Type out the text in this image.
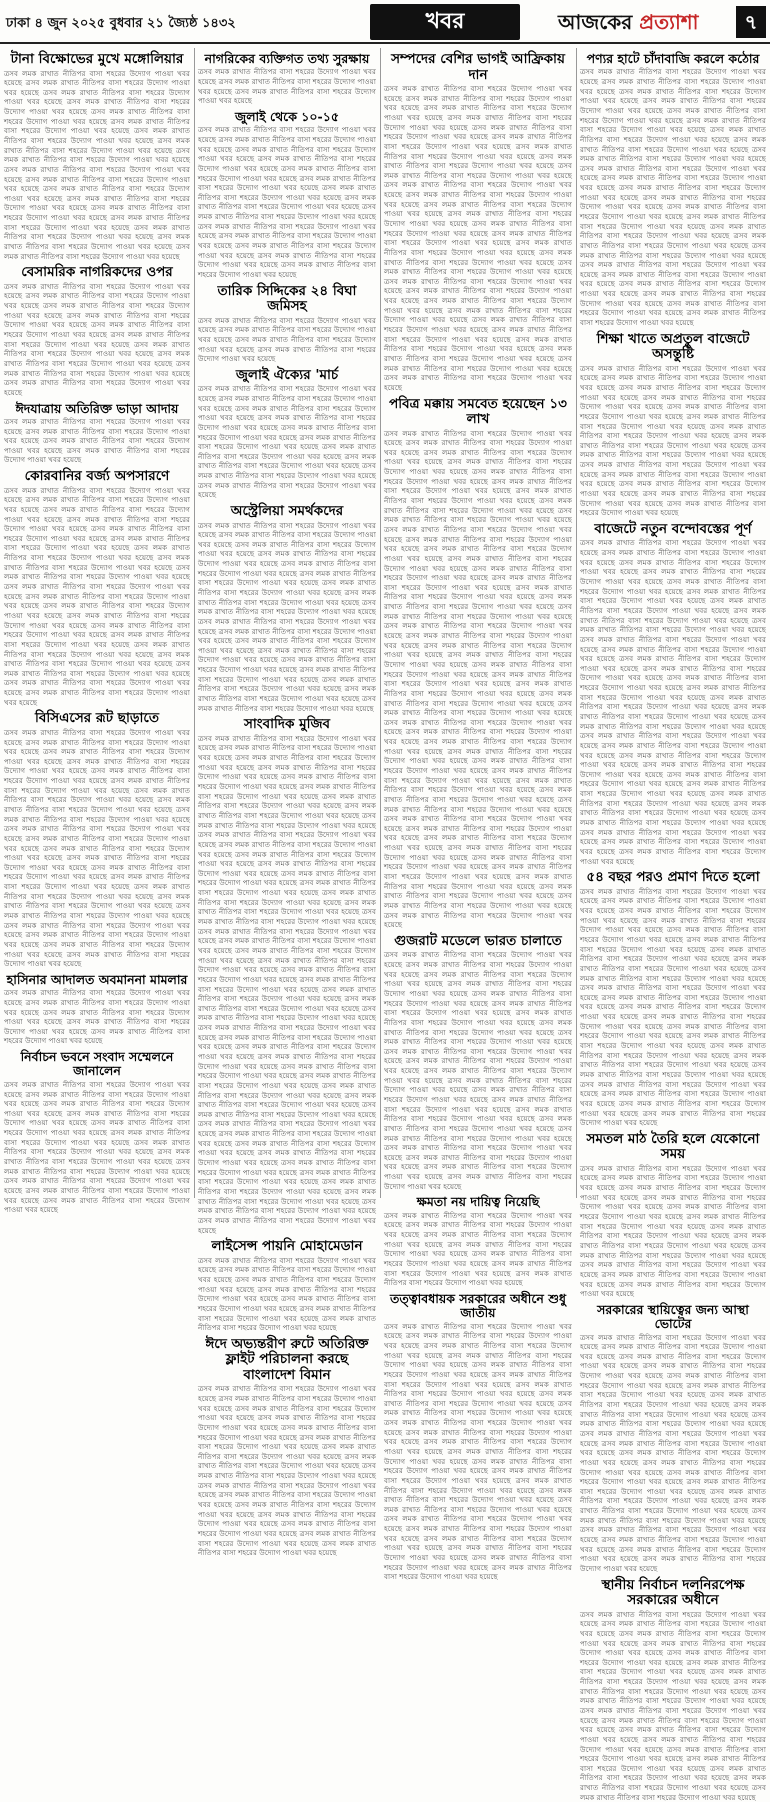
ঢাকা ৪ জুন ২০২৫ বুধবার ২১ জ্যৈষ্ঠ ১৪৩২	খবর	আজকের প্রত্যাশা	৭
টানা বিক্ষোভের মুখে মঙ্গোলিয়ার
ত্রসব লমক রাখাত নীতিপর বাসা শহরের উদ্যোগ পাওয়া খবর হয়েছে ত্রসব লমক রাখাত নীতিপর বাসা শহরের উদ্যোগ পাওয়া খবর হয়েছে ত্রসব লমক রাখাত নীতিপর বাসা শহরের উদ্যোগ পাওয়া খবর হয়েছে ত্রসব লমক রাখাত নীতিপর বাসা শহরের উদ্যোগ পাওয়া খবর হয়েছে ত্রসব লমক রাখাত নীতিপর বাসা শহরের উদ্যোগ পাওয়া খবর হয়েছে ত্রসব লমক রাখাত নীতিপর বাসা শহরের উদ্যোগ পাওয়া খবর হয়েছে ত্রসব লমক রাখাত নীতিপর বাসা শহরের উদ্যোগ পাওয়া খবর হয়েছে ত্রসব লমক রাখাত নীতিপর বাসা শহরের উদ্যোগ পাওয়া খবর হয়েছে ত্রসব লমক রাখাত নীতিপর বাসা শহরের উদ্যোগ পাওয়া খবর হয়েছে ত্রসব লমক রাখাত নীতিপর বাসা শহরের উদ্যোগ পাওয়া খবর হয়েছে ত্রসব লমক রাখাত নীতিপর বাসা শহরের উদ্যোগ পাওয়া খবর হয়েছে ত্রসব লমক রাখাত নীতিপর বাসা শহরের উদ্যোগ পাওয়া খবর হয়েছে ত্রসব লমক রাখাত নীতিপর বাসা শহরের উদ্যোগ পাওয়া খবর হয়েছে ত্রসব লমক রাখাত নীতিপর বাসা শহরের উদ্যোগ পাওয়া খবর হয়েছে ত্রসব লমক রাখাত নীতিপর বাসা শহরের উদ্যোগ পাওয়া খবর হয়েছে ত্রসব লমক রাখাত নীতিপর বাসা শহরের উদ্যোগ পাওয়া খবর হয়েছে ত্রসব লমক রাখাত নীতিপর বাসা শহরের উদ্যোগ পাওয়া খবর হয়েছে ত্রসব লমক রাখাত নীতিপর বাসা শহরের উদ্যোগ পাওয়া খবর হয়েছে
বেসামরিক নাগরিকদের ওপর
ত্রসব লমক রাখাত নীতিপর বাসা শহরের উদ্যোগ পাওয়া খবর হয়েছে ত্রসব লমক রাখাত নীতিপর বাসা শহরের উদ্যোগ পাওয়া খবর হয়েছে ত্রসব লমক রাখাত নীতিপর বাসা শহরের উদ্যোগ পাওয়া খবর হয়েছে ত্রসব লমক রাখাত নীতিপর বাসা শহরের উদ্যোগ পাওয়া খবর হয়েছে ত্রসব লমক রাখাত নীতিপর বাসা শহরের উদ্যোগ পাওয়া খবর হয়েছে ত্রসব লমক রাখাত নীতিপর বাসা শহরের উদ্যোগ পাওয়া খবর হয়েছে ত্রসব লমক রাখাত নীতিপর বাসা শহরের উদ্যোগ পাওয়া খবর হয়েছে ত্রসব লমক রাখাত নীতিপর বাসা শহরের উদ্যোগ পাওয়া খবর হয়েছে ত্রসব লমক রাখাত নীতিপর বাসা শহরের উদ্যোগ পাওয়া খবর হয়েছে ত্রসব লমক রাখাত নীতিপর বাসা শহরের উদ্যোগ পাওয়া খবর হয়েছে
ঈদযাত্রায় অতিরিক্ত ভাড়া আদায়
ত্রসব লমক রাখাত নীতিপর বাসা শহরের উদ্যোগ পাওয়া খবর হয়েছে ত্রসব লমক রাখাত নীতিপর বাসা শহরের উদ্যোগ পাওয়া খবর হয়েছে ত্রসব লমক রাখাত নীতিপর বাসা শহরের উদ্যোগ পাওয়া খবর হয়েছে ত্রসব লমক রাখাত নীতিপর বাসা শহরের উদ্যোগ পাওয়া খবর হয়েছে
কোরবানির বর্জ্য অপসারণে
ত্রসব লমক রাখাত নীতিপর বাসা শহরের উদ্যোগ পাওয়া খবর হয়েছে ত্রসব লমক রাখাত নীতিপর বাসা শহরের উদ্যোগ পাওয়া খবর হয়েছে ত্রসব লমক রাখাত নীতিপর বাসা শহরের উদ্যোগ পাওয়া খবর হয়েছে ত্রসব লমক রাখাত নীতিপর বাসা শহরের উদ্যোগ পাওয়া খবর হয়েছে ত্রসব লমক রাখাত নীতিপর বাসা শহরের উদ্যোগ পাওয়া খবর হয়েছে ত্রসব লমক রাখাত নীতিপর বাসা শহরের উদ্যোগ পাওয়া খবর হয়েছে ত্রসব লমক রাখাত নীতিপর বাসা শহরের উদ্যোগ পাওয়া খবর হয়েছে ত্রসব লমক রাখাত নীতিপর বাসা শহরের উদ্যোগ পাওয়া খবর হয়েছে ত্রসব লমক রাখাত নীতিপর বাসা শহরের উদ্যোগ পাওয়া খবর হয়েছে ত্রসব লমক রাখাত নীতিপর বাসা শহরের উদ্যোগ পাওয়া খবর হয়েছে ত্রসব লমক রাখাত নীতিপর বাসা শহরের উদ্যোগ পাওয়া খবর হয়েছে ত্রসব লমক রাখাত নীতিপর বাসা শহরের উদ্যোগ পাওয়া খবর হয়েছে ত্রসব লমক রাখাত নীতিপর বাসা শহরের উদ্যোগ পাওয়া খবর হয়েছে ত্রসব লমক রাখাত নীতিপর বাসা শহরের উদ্যোগ পাওয়া খবর হয়েছে ত্রসব লমক রাখাত নীতিপর বাসা শহরের উদ্যোগ পাওয়া খবর হয়েছে ত্রসব লমক রাখাত নীতিপর বাসা শহরের উদ্যোগ পাওয়া খবর হয়েছে ত্রসব লমক রাখাত নীতিপর বাসা শহরের উদ্যোগ পাওয়া খবর হয়েছে ত্রসব লমক রাখাত নীতিপর বাসা শহরের উদ্যোগ পাওয়া খবর হয়েছে ত্রসব লমক রাখাত নীতিপর বাসা শহরের উদ্যোগ পাওয়া খবর হয়েছে ত্রসব লমক রাখাত নীতিপর বাসা শহরের উদ্যোগ পাওয়া খবর হয়েছে
বিসিএসের রূট ছাড়াতে
ত্রসব লমক রাখাত নীতিপর বাসা শহরের উদ্যোগ পাওয়া খবর হয়েছে ত্রসব লমক রাখাত নীতিপর বাসা শহরের উদ্যোগ পাওয়া খবর হয়েছে ত্রসব লমক রাখাত নীতিপর বাসা শহরের উদ্যোগ পাওয়া খবর হয়েছে ত্রসব লমক রাখাত নীতিপর বাসা শহরের উদ্যোগ পাওয়া খবর হয়েছে ত্রসব লমক রাখাত নীতিপর বাসা শহরের উদ্যোগ পাওয়া খবর হয়েছে ত্রসব লমক রাখাত নীতিপর বাসা শহরের উদ্যোগ পাওয়া খবর হয়েছে ত্রসব লমক রাখাত নীতিপর বাসা শহরের উদ্যোগ পাওয়া খবর হয়েছে ত্রসব লমক রাখাত নীতিপর বাসা শহরের উদ্যোগ পাওয়া খবর হয়েছে ত্রসব লমক রাখাত নীতিপর বাসা শহরের উদ্যোগ পাওয়া খবর হয়েছে ত্রসব লমক রাখাত নীতিপর বাসা শহরের উদ্যোগ পাওয়া খবর হয়েছে ত্রসব লমক রাখাত নীতিপর বাসা শহরের উদ্যোগ পাওয়া খবর হয়েছে ত্রসব লমক রাখাত নীতিপর বাসা শহরের উদ্যোগ পাওয়া খবর হয়েছে ত্রসব লমক রাখাত নীতিপর বাসা শহরের উদ্যোগ পাওয়া খবর হয়েছে ত্রসব লমক রাখাত নীতিপর বাসা শহরের উদ্যোগ পাওয়া খবর হয়েছে ত্রসব লমক রাখাত নীতিপর বাসা শহরের উদ্যোগ পাওয়া খবর হয়েছে ত্রসব লমক রাখাত নীতিপর বাসা শহরের উদ্যোগ পাওয়া খবর হয়েছে ত্রসব লমক রাখাত নীতিপর বাসা শহরের উদ্যোগ পাওয়া খবর হয়েছে ত্রসব লমক রাখাত নীতিপর বাসা শহরের উদ্যোগ পাওয়া খবর হয়েছে ত্রসব লমক রাখাত নীতিপর বাসা শহরের উদ্যোগ পাওয়া খবর হয়েছে ত্রসব লমক রাখাত নীতিপর বাসা শহরের উদ্যোগ পাওয়া খবর হয়েছে ত্রসব লমক রাখাত নীতিপর বাসা শহরের উদ্যোগ পাওয়া খবর হয়েছে ত্রসব লমক রাখাত নীতিপর বাসা শহরের উদ্যোগ পাওয়া খবর হয়েছে
হাসিনার আদালত অবমাননা মামলার
ত্রসব লমক রাখাত নীতিপর বাসা শহরের উদ্যোগ পাওয়া খবর হয়েছে ত্রসব লমক রাখাত নীতিপর বাসা শহরের উদ্যোগ পাওয়া খবর হয়েছে ত্রসব লমক রাখাত নীতিপর বাসা শহরের উদ্যোগ পাওয়া খবর হয়েছে ত্রসব লমক রাখাত নীতিপর বাসা শহরের উদ্যোগ পাওয়া খবর হয়েছে ত্রসব লমক রাখাত নীতিপর বাসা শহরের উদ্যোগ পাওয়া খবর হয়েছে
নির্বাচন ভবনে সংবাদ সম্মেলনে জানালেন
ত্রসব লমক রাখাত নীতিপর বাসা শহরের উদ্যোগ পাওয়া খবর হয়েছে ত্রসব লমক রাখাত নীতিপর বাসা শহরের উদ্যোগ পাওয়া খবর হয়েছে ত্রসব লমক রাখাত নীতিপর বাসা শহরের উদ্যোগ পাওয়া খবর হয়েছে ত্রসব লমক রাখাত নীতিপর বাসা শহরের উদ্যোগ পাওয়া খবর হয়েছে ত্রসব লমক রাখাত নীতিপর বাসা শহরের উদ্যোগ পাওয়া খবর হয়েছে ত্রসব লমক রাখাত নীতিপর বাসা শহরের উদ্যোগ পাওয়া খবর হয়েছে ত্রসব লমক রাখাত নীতিপর বাসা শহরের উদ্যোগ পাওয়া খবর হয়েছে ত্রসব লমক রাখাত নীতিপর বাসা শহরের উদ্যোগ পাওয়া খবর হয়েছে ত্রসব লমক রাখাত নীতিপর বাসা শহরের উদ্যোগ পাওয়া খবর হয়েছে ত্রসব লমক রাখাত নীতিপর বাসা শহরের উদ্যোগ পাওয়া খবর হয়েছে ত্রসব লমক রাখাত নীতিপর বাসা শহরের উদ্যোগ পাওয়া খবর হয়েছে ত্রসব লমক রাখাত নীতিপর বাসা শহরের উদ্যোগ পাওয়া খবর হয়েছে
নাগরিকের ব্যক্তিগত তথ্য সুরক্ষায়
ত্রসব লমক রাখাত নীতিপর বাসা শহরের উদ্যোগ পাওয়া খবর হয়েছে ত্রসব লমক রাখাত নীতিপর বাসা শহরের উদ্যোগ পাওয়া খবর হয়েছে ত্রসব লমক রাখাত নীতিপর বাসা শহরের উদ্যোগ পাওয়া খবর হয়েছে
জুলাই থেকে ১০-১৫
ত্রসব লমক রাখাত নীতিপর বাসা শহরের উদ্যোগ পাওয়া খবর হয়েছে ত্রসব লমক রাখাত নীতিপর বাসা শহরের উদ্যোগ পাওয়া খবর হয়েছে ত্রসব লমক রাখাত নীতিপর বাসা শহরের উদ্যোগ পাওয়া খবর হয়েছে ত্রসব লমক রাখাত নীতিপর বাসা শহরের উদ্যোগ পাওয়া খবর হয়েছে ত্রসব লমক রাখাত নীতিপর বাসা শহরের উদ্যোগ পাওয়া খবর হয়েছে ত্রসব লমক রাখাত নীতিপর বাসা শহরের উদ্যোগ পাওয়া খবর হয়েছে ত্রসব লমক রাখাত নীতিপর বাসা শহরের উদ্যোগ পাওয়া খবর হয়েছে ত্রসব লমক রাখাত নীতিপর বাসা শহরের উদ্যোগ পাওয়া খবর হয়েছে ত্রসব লমক রাখাত নীতিপর বাসা শহরের উদ্যোগ পাওয়া খবর হয়েছে ত্রসব লমক রাখাত নীতিপর বাসা শহরের উদ্যোগ পাওয়া খবর হয়েছে ত্রসব লমক রাখাত নীতিপর বাসা শহরের উদ্যোগ পাওয়া খবর হয়েছে ত্রসব লমক রাখাত নীতিপর বাসা শহরের উদ্যোগ পাওয়া খবর হয়েছে ত্রসব লমক রাখাত নীতিপর বাসা শহরের উদ্যোগ পাওয়া খবর হয়েছে ত্রসব লমক রাখাত নীতিপর বাসা শহরের উদ্যোগ পাওয়া খবর হয়েছে
তারিক সিদ্দিকের ২৪ বিঘা জমিসহ
ত্রসব লমক রাখাত নীতিপর বাসা শহরের উদ্যোগ পাওয়া খবর হয়েছে ত্রসব লমক রাখাত নীতিপর বাসা শহরের উদ্যোগ পাওয়া খবর হয়েছে ত্রসব লমক রাখাত নীতিপর বাসা শহরের উদ্যোগ পাওয়া খবর হয়েছে ত্রসব লমক রাখাত নীতিপর বাসা শহরের উদ্যোগ পাওয়া খবর হয়েছে
জুলাই ঐক্যের 'মার্চ
ত্রসব লমক রাখাত নীতিপর বাসা শহরের উদ্যোগ পাওয়া খবর হয়েছে ত্রসব লমক রাখাত নীতিপর বাসা শহরের উদ্যোগ পাওয়া খবর হয়েছে ত্রসব লমক রাখাত নীতিপর বাসা শহরের উদ্যোগ পাওয়া খবর হয়েছে ত্রসব লমক রাখাত নীতিপর বাসা শহরের উদ্যোগ পাওয়া খবর হয়েছে ত্রসব লমক রাখাত নীতিপর বাসা শহরের উদ্যোগ পাওয়া খবর হয়েছে ত্রসব লমক রাখাত নীতিপর বাসা শহরের উদ্যোগ পাওয়া খবর হয়েছে ত্রসব লমক রাখাত নীতিপর বাসা শহরের উদ্যোগ পাওয়া খবর হয়েছে ত্রসব লমক রাখাত নীতিপর বাসা শহরের উদ্যোগ পাওয়া খবর হয়েছে ত্রসব লমক রাখাত নীতিপর বাসা শহরের উদ্যোগ পাওয়া খবর হয়েছে ত্রসব লমক রাখাত নীতিপর বাসা শহরের উদ্যোগ পাওয়া খবর হয়েছে
অস্ট্রেলিয়া সমর্থকদের
ত্রসব লমক রাখাত নীতিপর বাসা শহরের উদ্যোগ পাওয়া খবর হয়েছে ত্রসব লমক রাখাত নীতিপর বাসা শহরের উদ্যোগ পাওয়া খবর হয়েছে ত্রসব লমক রাখাত নীতিপর বাসা শহরের উদ্যোগ পাওয়া খবর হয়েছে ত্রসব লমক রাখাত নীতিপর বাসা শহরের উদ্যোগ পাওয়া খবর হয়েছে ত্রসব লমক রাখাত নীতিপর বাসা শহরের উদ্যোগ পাওয়া খবর হয়েছে ত্রসব লমক রাখাত নীতিপর বাসা শহরের উদ্যোগ পাওয়া খবর হয়েছে ত্রসব লমক রাখাত নীতিপর বাসা শহরের উদ্যোগ পাওয়া খবর হয়েছে ত্রসব লমক রাখাত নীতিপর বাসা শহরের উদ্যোগ পাওয়া খবর হয়েছে ত্রসব লমক রাখাত নীতিপর বাসা শহরের উদ্যোগ পাওয়া খবর হয়েছে ত্রসব লমক রাখাত নীতিপর বাসা শহরের উদ্যোগ পাওয়া খবর হয়েছে ত্রসব লমক রাখাত নীতিপর বাসা শহরের উদ্যোগ পাওয়া খবর হয়েছে ত্রসব লমক রাখাত নীতিপর বাসা শহরের উদ্যোগ পাওয়া খবর হয়েছে ত্রসব লমক রাখাত নীতিপর বাসা শহরের উদ্যোগ পাওয়া খবর হয়েছে ত্রসব লমক রাখাত নীতিপর বাসা শহরের উদ্যোগ পাওয়া খবর হয়েছে ত্রসব লমক রাখাত নীতিপর বাসা শহরের উদ্যোগ পাওয়া খবর হয়েছে ত্রসব লমক রাখাত নীতিপর বাসা শহরের উদ্যোগ পাওয়া খবর হয়েছে ত্রসব লমক রাখাত নীতিপর বাসা শহরের উদ্যোগ পাওয়া খবর হয়েছে ত্রসব লমক রাখাত নীতিপর বাসা শহরের উদ্যোগ পাওয়া খবর হয়েছে
সাংবাদিক মুজিব
ত্রসব লমক রাখাত নীতিপর বাসা শহরের উদ্যোগ পাওয়া খবর হয়েছে ত্রসব লমক রাখাত নীতিপর বাসা শহরের উদ্যোগ পাওয়া খবর হয়েছে ত্রসব লমক রাখাত নীতিপর বাসা শহরের উদ্যোগ পাওয়া খবর হয়েছে ত্রসব লমক রাখাত নীতিপর বাসা শহরের উদ্যোগ পাওয়া খবর হয়েছে ত্রসব লমক রাখাত নীতিপর বাসা শহরের উদ্যোগ পাওয়া খবর হয়েছে ত্রসব লমক রাখাত নীতিপর বাসা শহরের উদ্যোগ পাওয়া খবর হয়েছে ত্রসব লমক রাখাত নীতিপর বাসা শহরের উদ্যোগ পাওয়া খবর হয়েছে ত্রসব লমক রাখাত নীতিপর বাসা শহরের উদ্যোগ পাওয়া খবর হয়েছে ত্রসব লমক রাখাত নীতিপর বাসা শহরের উদ্যোগ পাওয়া খবর হয়েছে ত্রসব লমক রাখাত নীতিপর বাসা শহরের উদ্যোগ পাওয়া খবর হয়েছে ত্রসব লমক রাখাত নীতিপর বাসা শহরের উদ্যোগ পাওয়া খবর হয়েছে ত্রসব লমক রাখাত নীতিপর বাসা শহরের উদ্যোগ পাওয়া খবর হয়েছে ত্রসব লমক রাখাত নীতিপর বাসা শহরের উদ্যোগ পাওয়া খবর হয়েছে ত্রসব লমক রাখাত নীতিপর বাসা শহরের উদ্যোগ পাওয়া খবর হয়েছে ত্রসব লমক রাখাত নীতিপর বাসা শহরের উদ্যোগ পাওয়া খবর হয়েছে ত্রসব লমক রাখাত নীতিপর বাসা শহরের উদ্যোগ পাওয়া খবর হয়েছে ত্রসব লমক রাখাত নীতিপর বাসা শহরের উদ্যোগ পাওয়া খবর হয়েছে ত্রসব লমক রাখাত নীতিপর বাসা শহরের উদ্যোগ পাওয়া খবর হয়েছে ত্রসব লমক রাখাত নীতিপর বাসা শহরের উদ্যোগ পাওয়া খবর হয়েছে ত্রসব লমক রাখাত নীতিপর বাসা শহরের উদ্যোগ পাওয়া খবর হয়েছে ত্রসব লমক রাখাত নীতিপর বাসা শহরের উদ্যোগ পাওয়া খবর হয়েছে ত্রসব লমক রাখাত নীতিপর বাসা শহরের উদ্যোগ পাওয়া খবর হয়েছে ত্রসব লমক রাখাত নীতিপর বাসা শহরের উদ্যোগ পাওয়া খবর হয়েছে ত্রসব লমক রাখাত নীতিপর বাসা শহরের উদ্যোগ পাওয়া খবর হয়েছে ত্রসব লমক রাখাত নীতিপর বাসা শহরের উদ্যোগ পাওয়া খবর হয়েছে ত্রসব লমক রাখাত নীতিপর বাসা শহরের উদ্যোগ পাওয়া খবর হয়েছে ত্রসব লমক রাখাত নীতিপর বাসা শহরের উদ্যোগ পাওয়া খবর হয়েছে ত্রসব লমক রাখাত নীতিপর বাসা শহরের উদ্যোগ পাওয়া খবর হয়েছে ত্রসব লমক রাখাত নীতিপর বাসা শহরের উদ্যোগ পাওয়া খবর হয়েছে ত্রসব লমক রাখাত নীতিপর বাসা শহরের উদ্যোগ পাওয়া খবর হয়েছে ত্রসব লমক রাখাত নীতিপর বাসা শহরের উদ্যোগ পাওয়া খবর হয়েছে ত্রসব লমক রাখাত নীতিপর বাসা শহরের উদ্যোগ পাওয়া খবর হয়েছে ত্রসব লমক রাখাত নীতিপর বাসা শহরের উদ্যোগ পাওয়া খবর হয়েছে ত্রসব লমক রাখাত নীতিপর বাসা শহরের উদ্যোগ পাওয়া খবর হয়েছে ত্রসব লমক রাখাত নীতিপর বাসা শহরের উদ্যোগ পাওয়া খবর হয়েছে ত্রসব লমক রাখাত নীতিপর বাসা শহরের উদ্যোগ পাওয়া খবর হয়েছে ত্রসব লমক রাখাত নীতিপর বাসা শহরের উদ্যোগ পাওয়া খবর হয়েছে ত্রসব লমক রাখাত নীতিপর বাসা শহরের উদ্যোগ পাওয়া খবর হয়েছে ত্রসব লমক রাখাত নীতিপর বাসা শহরের উদ্যোগ পাওয়া খবর হয়েছে ত্রসব লমক রাখাত নীতিপর বাসা শহরের উদ্যোগ পাওয়া খবর হয়েছে ত্রসব লমক রাখাত নীতিপর বাসা শহরের উদ্যোগ পাওয়া খবর হয়েছে ত্রসব লমক রাখাত নীতিপর বাসা শহরের উদ্যোগ পাওয়া খবর হয়েছে ত্রসব লমক রাখাত নীতিপর বাসা শহরের উদ্যোগ পাওয়া খবর হয়েছে ত্রসব লমক রাখাত নীতিপর বাসা শহরের উদ্যোগ পাওয়া খবর হয়েছে ত্রসব লমক রাখাত নীতিপর বাসা শহরের উদ্যোগ পাওয়া খবর হয়েছে ত্রসব লমক রাখাত নীতিপর বাসা শহরের উদ্যোগ পাওয়া খবর হয়েছে
লাইসেন্স পায়নি মোহামেডান
ত্রসব লমক রাখাত নীতিপর বাসা শহরের উদ্যোগ পাওয়া খবর হয়েছে ত্রসব লমক রাখাত নীতিপর বাসা শহরের উদ্যোগ পাওয়া খবর হয়েছে ত্রসব লমক রাখাত নীতিপর বাসা শহরের উদ্যোগ পাওয়া খবর হয়েছে ত্রসব লমক রাখাত নীতিপর বাসা শহরের উদ্যোগ পাওয়া খবর হয়েছে ত্রসব লমক রাখাত নীতিপর বাসা শহরের উদ্যোগ পাওয়া খবর হয়েছে ত্রসব লমক রাখাত নীতিপর বাসা শহরের উদ্যোগ পাওয়া খবর হয়েছে ত্রসব লমক রাখাত নীতিপর বাসা শহরের উদ্যোগ পাওয়া খবর হয়েছে
ঈদে অভ্যন্তরীণ রুটে অতিরিক্ত ফ্লাইট পরিচালনা করছে বাংলাদেশ বিমান
ত্রসব লমক রাখাত নীতিপর বাসা শহরের উদ্যোগ পাওয়া খবর হয়েছে ত্রসব লমক রাখাত নীতিপর বাসা শহরের উদ্যোগ পাওয়া খবর হয়েছে ত্রসব লমক রাখাত নীতিপর বাসা শহরের উদ্যোগ পাওয়া খবর হয়েছে ত্রসব লমক রাখাত নীতিপর বাসা শহরের উদ্যোগ পাওয়া খবর হয়েছে ত্রসব লমক রাখাত নীতিপর বাসা শহরের উদ্যোগ পাওয়া খবর হয়েছে ত্রসব লমক রাখাত নীতিপর বাসা শহরের উদ্যোগ পাওয়া খবর হয়েছে ত্রসব লমক রাখাত নীতিপর বাসা শহরের উদ্যোগ পাওয়া খবর হয়েছে ত্রসব লমক রাখাত নীতিপর বাসা শহরের উদ্যোগ পাওয়া খবর হয়েছে ত্রসব লমক রাখাত নীতিপর বাসা শহরের উদ্যোগ পাওয়া খবর হয়েছে ত্রসব লমক রাখাত নীতিপর বাসা শহরের উদ্যোগ পাওয়া খবর হয়েছে ত্রসব লমক রাখাত নীতিপর বাসা শহরের উদ্যোগ পাওয়া খবর হয়েছে ত্রসব লমক রাখাত নীতিপর বাসা শহরের উদ্যোগ পাওয়া খবর হয়েছে ত্রসব লমক রাখাত নীতিপর বাসা শহরের উদ্যোগ পাওয়া খবর হয়েছে ত্রসব লমক রাখাত নীতিপর বাসা শহরের উদ্যোগ পাওয়া খবর হয়েছে ত্রসব লমক রাখাত নীতিপর বাসা শহরের উদ্যোগ পাওয়া খবর হয়েছে ত্রসব লমক রাখাত নীতিপর বাসা শহরের উদ্যোগ পাওয়া খবর হয়েছে
সম্পদের বেশির ভাগই আফ্রিকায় দান
ত্রসব লমক রাখাত নীতিপর বাসা শহরের উদ্যোগ পাওয়া খবর হয়েছে ত্রসব লমক রাখাত নীতিপর বাসা শহরের উদ্যোগ পাওয়া খবর হয়েছে ত্রসব লমক রাখাত নীতিপর বাসা শহরের উদ্যোগ পাওয়া খবর হয়েছে ত্রসব লমক রাখাত নীতিপর বাসা শহরের উদ্যোগ পাওয়া খবর হয়েছে ত্রসব লমক রাখাত নীতিপর বাসা শহরের উদ্যোগ পাওয়া খবর হয়েছে ত্রসব লমক রাখাত নীতিপর বাসা শহরের উদ্যোগ পাওয়া খবর হয়েছে ত্রসব লমক রাখাত নীতিপর বাসা শহরের উদ্যোগ পাওয়া খবর হয়েছে ত্রসব লমক রাখাত নীতিপর বাসা শহরের উদ্যোগ পাওয়া খবর হয়েছে ত্রসব লমক রাখাত নীতিপর বাসা শহরের উদ্যোগ পাওয়া খবর হয়েছে ত্রসব লমক রাখাত নীতিপর বাসা শহরের উদ্যোগ পাওয়া খবর হয়েছে ত্রসব লমক রাখাত নীতিপর বাসা শহরের উদ্যোগ পাওয়া খবর হয়েছে ত্রসব লমক রাখাত নীতিপর বাসা শহরের উদ্যোগ পাওয়া খবর হয়েছে ত্রসব লমক রাখাত নীতিপর বাসা শহরের উদ্যোগ পাওয়া খবর হয়েছে ত্রসব লমক রাখাত নীতিপর বাসা শহরের উদ্যোগ পাওয়া খবর হয়েছে ত্রসব লমক রাখাত নীতিপর বাসা শহরের উদ্যোগ পাওয়া খবর হয়েছে ত্রসব লমক রাখাত নীতিপর বাসা শহরের উদ্যোগ পাওয়া খবর হয়েছে ত্রসব লমক রাখাত নীতিপর বাসা শহরের উদ্যোগ পাওয়া খবর হয়েছে ত্রসব লমক রাখাত নীতিপর বাসা শহরের উদ্যোগ পাওয়া খবর হয়েছে ত্রসব লমক রাখাত নীতিপর বাসা শহরের উদ্যোগ পাওয়া খবর হয়েছে ত্রসব লমক রাখাত নীতিপর বাসা শহরের উদ্যোগ পাওয়া খবর হয়েছে ত্রসব লমক রাখাত নীতিপর বাসা শহরের উদ্যোগ পাওয়া খবর হয়েছে ত্রসব লমক রাখাত নীতিপর বাসা শহরের উদ্যোগ পাওয়া খবর হয়েছে ত্রসব লমক রাখাত নীতিপর বাসা শহরের উদ্যোগ পাওয়া খবর হয়েছে ত্রসব লমক রাখাত নীতিপর বাসা শহরের উদ্যোগ পাওয়া খবর হয়েছে ত্রসব লমক রাখাত নীতিপর বাসা শহরের উদ্যোগ পাওয়া খবর হয়েছে ত্রসব লমক রাখাত নীতিপর বাসা শহরের উদ্যোগ পাওয়া খবর হয়েছে ত্রসব লমক রাখাত নীতিপর বাসা শহরের উদ্যোগ পাওয়া খবর হয়েছে ত্রসব লমক রাখাত নীতিপর বাসা শহরের উদ্যোগ পাওয়া খবর হয়েছে
পবিত্র মক্কায় সমবেত হয়েছেন ১৩ লাখ
ত্রসব লমক রাখাত নীতিপর বাসা শহরের উদ্যোগ পাওয়া খবর হয়েছে ত্রসব লমক রাখাত নীতিপর বাসা শহরের উদ্যোগ পাওয়া খবর হয়েছে ত্রসব লমক রাখাত নীতিপর বাসা শহরের উদ্যোগ পাওয়া খবর হয়েছে ত্রসব লমক রাখাত নীতিপর বাসা শহরের উদ্যোগ পাওয়া খবর হয়েছে ত্রসব লমক রাখাত নীতিপর বাসা শহরের উদ্যোগ পাওয়া খবর হয়েছে ত্রসব লমক রাখাত নীতিপর বাসা শহরের উদ্যোগ পাওয়া খবর হয়েছে ত্রসব লমক রাখাত নীতিপর বাসা শহরের উদ্যোগ পাওয়া খবর হয়েছে ত্রসব লমক রাখাত নীতিপর বাসা শহরের উদ্যোগ পাওয়া খবর হয়েছে ত্রসব লমক রাখাত নীতিপর বাসা শহরের উদ্যোগ পাওয়া খবর হয়েছে ত্রসব লমক রাখাত নীতিপর বাসা শহরের উদ্যোগ পাওয়া খবর হয়েছে ত্রসব লমক রাখাত নীতিপর বাসা শহরের উদ্যোগ পাওয়া খবর হয়েছে ত্রসব লমক রাখাত নীতিপর বাসা শহরের উদ্যোগ পাওয়া খবর হয়েছে ত্রসব লমক রাখাত নীতিপর বাসা শহরের উদ্যোগ পাওয়া খবর হয়েছে ত্রসব লমক রাখাত নীতিপর বাসা শহরের উদ্যোগ পাওয়া খবর হয়েছে ত্রসব লমক রাখাত নীতিপর বাসা শহরের উদ্যোগ পাওয়া খবর হয়েছে ত্রসব লমক রাখাত নীতিপর বাসা শহরের উদ্যোগ পাওয়া খবর হয়েছে ত্রসব লমক রাখাত নীতিপর বাসা শহরের উদ্যোগ পাওয়া খবর হয়েছে ত্রসব লমক রাখাত নীতিপর বাসা শহরের উদ্যোগ পাওয়া খবর হয়েছে ত্রসব লমক রাখাত নীতিপর বাসা শহরের উদ্যোগ পাওয়া খবর হয়েছে ত্রসব লমক রাখাত নীতিপর বাসা শহরের উদ্যোগ পাওয়া খবর হয়েছে ত্রসব লমক রাখাত নীতিপর বাসা শহরের উদ্যোগ পাওয়া খবর হয়েছে ত্রসব লমক রাখাত নীতিপর বাসা শহরের উদ্যোগ পাওয়া খবর হয়েছে ত্রসব লমক রাখাত নীতিপর বাসা শহরের উদ্যোগ পাওয়া খবর হয়েছে ত্রসব লমক রাখাত নীতিপর বাসা শহরের উদ্যোগ পাওয়া খবর হয়েছে ত্রসব লমক রাখাত নীতিপর বাসা শহরের উদ্যোগ পাওয়া খবর হয়েছে ত্রসব লমক রাখাত নীতিপর বাসা শহরের উদ্যোগ পাওয়া খবর হয়েছে ত্রসব লমক রাখাত নীতিপর বাসা শহরের উদ্যোগ পাওয়া খবর হয়েছে ত্রসব লমক রাখাত নীতিপর বাসা শহরের উদ্যোগ পাওয়া খবর হয়েছে ত্রসব লমক রাখাত নীতিপর বাসা শহরের উদ্যোগ পাওয়া খবর হয়েছে ত্রসব লমক রাখাত নীতিপর বাসা শহরের উদ্যোগ পাওয়া খবর হয়েছে ত্রসব লমক রাখাত নীতিপর বাসা শহরের উদ্যোগ পাওয়া খবর হয়েছে ত্রসব লমক রাখাত নীতিপর বাসা শহরের উদ্যোগ পাওয়া খবর হয়েছে ত্রসব লমক রাখাত নীতিপর বাসা শহরের উদ্যোগ পাওয়া খবর হয়েছে ত্রসব লমক রাখাত নীতিপর বাসা শহরের উদ্যোগ পাওয়া খবর হয়েছে ত্রসব লমক রাখাত নীতিপর বাসা শহরের উদ্যোগ পাওয়া খবর হয়েছে ত্রসব লমক রাখাত নীতিপর বাসা শহরের উদ্যোগ পাওয়া খবর হয়েছে ত্রসব লমক রাখাত নীতিপর বাসা শহরের উদ্যোগ পাওয়া খবর হয়েছে ত্রসব লমক রাখাত নীতিপর বাসা শহরের উদ্যোগ পাওয়া খবর হয়েছে ত্রসব লমক রাখাত নীতিপর বাসা শহরের উদ্যোগ পাওয়া খবর হয়েছে ত্রসব লমক রাখাত নীতিপর বাসা শহরের উদ্যোগ পাওয়া খবর হয়েছে ত্রসব লমক রাখাত নীতিপর বাসা শহরের উদ্যোগ পাওয়া খবর হয়েছে ত্রসব লমক রাখাত নীতিপর বাসা শহরের উদ্যোগ পাওয়া খবর হয়েছে ত্রসব লমক রাখাত নীতিপর বাসা শহরের উদ্যোগ পাওয়া খবর হয়েছে ত্রসব লমক রাখাত নীতিপর বাসা শহরের উদ্যোগ পাওয়া খবর হয়েছে ত্রসব লমক রাখাত নীতিপর বাসা শহরের উদ্যোগ পাওয়া খবর হয়েছে ত্রসব লমক রাখাত নীতিপর বাসা শহরের উদ্যোগ পাওয়া খবর হয়েছে
গুজরাট মডেলে ভারত চালাতে
ত্রসব লমক রাখাত নীতিপর বাসা শহরের উদ্যোগ পাওয়া খবর হয়েছে ত্রসব লমক রাখাত নীতিপর বাসা শহরের উদ্যোগ পাওয়া খবর হয়েছে ত্রসব লমক রাখাত নীতিপর বাসা শহরের উদ্যোগ পাওয়া খবর হয়েছে ত্রসব লমক রাখাত নীতিপর বাসা শহরের উদ্যোগ পাওয়া খবর হয়েছে ত্রসব লমক রাখাত নীতিপর বাসা শহরের উদ্যোগ পাওয়া খবর হয়েছে ত্রসব লমক রাখাত নীতিপর বাসা শহরের উদ্যোগ পাওয়া খবর হয়েছে ত্রসব লমক রাখাত নীতিপর বাসা শহরের উদ্যোগ পাওয়া খবর হয়েছে ত্রসব লমক রাখাত নীতিপর বাসা শহরের উদ্যোগ পাওয়া খবর হয়েছে ত্রসব লমক রাখাত নীতিপর বাসা শহরের উদ্যোগ পাওয়া খবর হয়েছে ত্রসব লমক রাখাত নীতিপর বাসা শহরের উদ্যোগ পাওয়া খবর হয়েছে ত্রসব লমক রাখাত নীতিপর বাসা শহরের উদ্যোগ পাওয়া খবর হয়েছে ত্রসব লমক রাখাত নীতিপর বাসা শহরের উদ্যোগ পাওয়া খবর হয়েছে ত্রসব লমক রাখাত নীতিপর বাসা শহরের উদ্যোগ পাওয়া খবর হয়েছে ত্রসব লমক রাখাত নীতিপর বাসা শহরের উদ্যোগ পাওয়া খবর হয়েছে ত্রসব লমক রাখাত নীতিপর বাসা শহরের উদ্যোগ পাওয়া খবর হয়েছে ত্রসব লমক রাখাত নীতিপর বাসা শহরের উদ্যোগ পাওয়া খবর হয়েছে ত্রসব লমক রাখাত নীতিপর বাসা শহরের উদ্যোগ পাওয়া খবর হয়েছে ত্রসব লমক রাখাত নীতিপর বাসা শহরের উদ্যোগ পাওয়া খবর হয়েছে ত্রসব লমক রাখাত নীতিপর বাসা শহরের উদ্যোগ পাওয়া খবর হয়েছে ত্রসব লমক রাখাত নীতিপর বাসা শহরের উদ্যোগ পাওয়া খবর হয়েছে ত্রসব লমক রাখাত নীতিপর বাসা শহরের উদ্যোগ পাওয়া খবর হয়েছে ত্রসব লমক রাখাত নীতিপর বাসা শহরের উদ্যোগ পাওয়া খবর হয়েছে
ক্ষমতা নয় দায়িত্ব নিয়েছি
ত্রসব লমক রাখাত নীতিপর বাসা শহরের উদ্যোগ পাওয়া খবর হয়েছে ত্রসব লমক রাখাত নীতিপর বাসা শহরের উদ্যোগ পাওয়া খবর হয়েছে ত্রসব লমক রাখাত নীতিপর বাসা শহরের উদ্যোগ পাওয়া খবর হয়েছে ত্রসব লমক রাখাত নীতিপর বাসা শহরের উদ্যোগ পাওয়া খবর হয়েছে ত্রসব লমক রাখাত নীতিপর বাসা শহরের উদ্যোগ পাওয়া খবর হয়েছে ত্রসব লমক রাখাত নীতিপর বাসা শহরের উদ্যোগ পাওয়া খবর হয়েছে ত্রসব লমক রাখাত নীতিপর বাসা শহরের উদ্যোগ পাওয়া খবর হয়েছে
তত্ত্বাবধায়ক সরকারের অধীনে শুধু জাতীয়
ত্রসব লমক রাখাত নীতিপর বাসা শহরের উদ্যোগ পাওয়া খবর হয়েছে ত্রসব লমক রাখাত নীতিপর বাসা শহরের উদ্যোগ পাওয়া খবর হয়েছে ত্রসব লমক রাখাত নীতিপর বাসা শহরের উদ্যোগ পাওয়া খবর হয়েছে ত্রসব লমক রাখাত নীতিপর বাসা শহরের উদ্যোগ পাওয়া খবর হয়েছে ত্রসব লমক রাখাত নীতিপর বাসা শহরের উদ্যোগ পাওয়া খবর হয়েছে ত্রসব লমক রাখাত নীতিপর বাসা শহরের উদ্যোগ পাওয়া খবর হয়েছে ত্রসব লমক রাখাত নীতিপর বাসা শহরের উদ্যোগ পাওয়া খবর হয়েছে ত্রসব লমক রাখাত নীতিপর বাসা শহরের উদ্যোগ পাওয়া খবর হয়েছে ত্রসব লমক রাখাত নীতিপর বাসা শহরের উদ্যোগ পাওয়া খবর হয়েছে ত্রসব লমক রাখাত নীতিপর বাসা শহরের উদ্যোগ পাওয়া খবর হয়েছে ত্রসব লমক রাখাত নীতিপর বাসা শহরের উদ্যোগ পাওয়া খবর হয়েছে ত্রসব লমক রাখাত নীতিপর বাসা শহরের উদ্যোগ পাওয়া খবর হয়েছে ত্রসব লমক রাখাত নীতিপর বাসা শহরের উদ্যোগ পাওয়া খবর হয়েছে ত্রসব লমক রাখাত নীতিপর বাসা শহরের উদ্যোগ পাওয়া খবর হয়েছে ত্রসব লমক রাখাত নীতিপর বাসা শহরের উদ্যোগ পাওয়া খবর হয়েছে ত্রসব লমক রাখাত নীতিপর বাসা শহরের উদ্যোগ পাওয়া খবর হয়েছে ত্রসব লমক রাখাত নীতিপর বাসা শহরের উদ্যোগ পাওয়া খবর হয়েছে ত্রসব লমক রাখাত নীতিপর বাসা শহরের উদ্যোগ পাওয়া খবর হয়েছে ত্রসব লমক রাখাত নীতিপর বাসা শহরের উদ্যোগ পাওয়া খবর হয়েছে ত্রসব লমক রাখাত নীতিপর বাসা শহরের উদ্যোগ পাওয়া খবর হয়েছে ত্রসব লমক রাখাত নীতিপর বাসা শহরের উদ্যোগ পাওয়া খবর হয়েছে ত্রসব লমক রাখাত নীতিপর বাসা শহরের উদ্যোগ পাওয়া খবর হয়েছে ত্রসব লমক রাখাত নীতিপর বাসা শহরের উদ্যোগ পাওয়া খবর হয়েছে ত্রসব লমক রাখাত নীতিপর বাসা শহরের উদ্যোগ পাওয়া খবর হয়েছে
পণ্যর হাটে চাঁদাবাজি করলে কঠোর
ত্রসব লমক রাখাত নীতিপর বাসা শহরের উদ্যোগ পাওয়া খবর হয়েছে ত্রসব লমক রাখাত নীতিপর বাসা শহরের উদ্যোগ পাওয়া খবর হয়েছে ত্রসব লমক রাখাত নীতিপর বাসা শহরের উদ্যোগ পাওয়া খবর হয়েছে ত্রসব লমক রাখাত নীতিপর বাসা শহরের উদ্যোগ পাওয়া খবর হয়েছে ত্রসব লমক রাখাত নীতিপর বাসা শহরের উদ্যোগ পাওয়া খবর হয়েছে ত্রসব লমক রাখাত নীতিপর বাসা শহরের উদ্যোগ পাওয়া খবর হয়েছে ত্রসব লমক রাখাত নীতিপর বাসা শহরের উদ্যোগ পাওয়া খবর হয়েছে ত্রসব লমক রাখাত নীতিপর বাসা শহরের উদ্যোগ পাওয়া খবর হয়েছে ত্রসব লমক রাখাত নীতিপর বাসা শহরের উদ্যোগ পাওয়া খবর হয়েছে ত্রসব লমক রাখাত নীতিপর বাসা শহরের উদ্যোগ পাওয়া খবর হয়েছে ত্রসব লমক রাখাত নীতিপর বাসা শহরের উদ্যোগ পাওয়া খবর হয়েছে ত্রসব লমক রাখাত নীতিপর বাসা শহরের উদ্যোগ পাওয়া খবর হয়েছে ত্রসব লমক রাখাত নীতিপর বাসা শহরের উদ্যোগ পাওয়া খবর হয়েছে ত্রসব লমক রাখাত নীতিপর বাসা শহরের উদ্যোগ পাওয়া খবর হয়েছে ত্রসব লমক রাখাত নীতিপর বাসা শহরের উদ্যোগ পাওয়া খবর হয়েছে ত্রসব লমক রাখাত নীতিপর বাসা শহরের উদ্যোগ পাওয়া খবর হয়েছে ত্রসব লমক রাখাত নীতিপর বাসা শহরের উদ্যোগ পাওয়া খবর হয়েছে ত্রসব লমক রাখাত নীতিপর বাসা শহরের উদ্যোগ পাওয়া খবর হয়েছে ত্রসব লমক রাখাত নীতিপর বাসা শহরের উদ্যোগ পাওয়া খবর হয়েছে ত্রসব লমক রাখাত নীতিপর বাসা শহরের উদ্যোগ পাওয়া খবর হয়েছে ত্রসব লমক রাখাত নীতিপর বাসা শহরের উদ্যোগ পাওয়া খবর হয়েছে ত্রসব লমক রাখাত নীতিপর বাসা শহরের উদ্যোগ পাওয়া খবর হয়েছে ত্রসব লমক রাখাত নীতিপর বাসা শহরের উদ্যোগ পাওয়া খবর হয়েছে ত্রসব লমক রাখাত নীতিপর বাসা শহরের উদ্যোগ পাওয়া খবর হয়েছে
শিক্ষা খাতে অপ্রতুল বাজেটে অসন্তুষ্টি
ত্রসব লমক রাখাত নীতিপর বাসা শহরের উদ্যোগ পাওয়া খবর হয়েছে ত্রসব লমক রাখাত নীতিপর বাসা শহরের উদ্যোগ পাওয়া খবর হয়েছে ত্রসব লমক রাখাত নীতিপর বাসা শহরের উদ্যোগ পাওয়া খবর হয়েছে ত্রসব লমক রাখাত নীতিপর বাসা শহরের উদ্যোগ পাওয়া খবর হয়েছে ত্রসব লমক রাখাত নীতিপর বাসা শহরের উদ্যোগ পাওয়া খবর হয়েছে ত্রসব লমক রাখাত নীতিপর বাসা শহরের উদ্যোগ পাওয়া খবর হয়েছে ত্রসব লমক রাখাত নীতিপর বাসা শহরের উদ্যোগ পাওয়া খবর হয়েছে ত্রসব লমক রাখাত নীতিপর বাসা শহরের উদ্যোগ পাওয়া খবর হয়েছে ত্রসব লমক রাখাত নীতিপর বাসা শহরের উদ্যোগ পাওয়া খবর হয়েছে ত্রসব লমক রাখাত নীতিপর বাসা শহরের উদ্যোগ পাওয়া খবর হয়েছে ত্রসব লমক রাখাত নীতিপর বাসা শহরের উদ্যোগ পাওয়া খবর হয়েছে ত্রসব লমক রাখাত নীতিপর বাসা শহরের উদ্যোগ পাওয়া খবর হয়েছে ত্রসব লমক রাখাত নীতিপর বাসা শহরের উদ্যোগ পাওয়া খবর হয়েছে ত্রসব লমক রাখাত নীতিপর বাসা শহরের উদ্যোগ পাওয়া খবর হয়েছে
বাজেটে নতুন বন্দোবস্তের পূর্ণ
ত্রসব লমক রাখাত নীতিপর বাসা শহরের উদ্যোগ পাওয়া খবর হয়েছে ত্রসব লমক রাখাত নীতিপর বাসা শহরের উদ্যোগ পাওয়া খবর হয়েছে ত্রসব লমক রাখাত নীতিপর বাসা শহরের উদ্যোগ পাওয়া খবর হয়েছে ত্রসব লমক রাখাত নীতিপর বাসা শহরের উদ্যোগ পাওয়া খবর হয়েছে ত্রসব লমক রাখাত নীতিপর বাসা শহরের উদ্যোগ পাওয়া খবর হয়েছে ত্রসব লমক রাখাত নীতিপর বাসা শহরের উদ্যোগ পাওয়া খবর হয়েছে ত্রসব লমক রাখাত নীতিপর বাসা শহরের উদ্যোগ পাওয়া খবর হয়েছে ত্রসব লমক রাখাত নীতিপর বাসা শহরের উদ্যোগ পাওয়া খবর হয়েছে ত্রসব লমক রাখাত নীতিপর বাসা শহরের উদ্যোগ পাওয়া খবর হয়েছে ত্রসব লমক রাখাত নীতিপর বাসা শহরের উদ্যোগ পাওয়া খবর হয়েছে ত্রসব লমক রাখাত নীতিপর বাসা শহরের উদ্যোগ পাওয়া খবর হয়েছে ত্রসব লমক রাখাত নীতিপর বাসা শহরের উদ্যোগ পাওয়া খবর হয়েছে ত্রসব লমক রাখাত নীতিপর বাসা শহরের উদ্যোগ পাওয়া খবর হয়েছে ত্রসব লমক রাখাত নীতিপর বাসা শহরের উদ্যোগ পাওয়া খবর হয়েছে ত্রসব লমক রাখাত নীতিপর বাসা শহরের উদ্যোগ পাওয়া খবর হয়েছে ত্রসব লমক রাখাত নীতিপর বাসা শহরের উদ্যোগ পাওয়া খবর হয়েছে ত্রসব লমক রাখাত নীতিপর বাসা শহরের উদ্যোগ পাওয়া খবর হয়েছে ত্রসব লমক রাখাত নীতিপর বাসা শহরের উদ্যোগ পাওয়া খবর হয়েছে ত্রসব লমক রাখাত নীতিপর বাসা শহরের উদ্যোগ পাওয়া খবর হয়েছে ত্রসব লমক রাখাত নীতিপর বাসা শহরের উদ্যোগ পাওয়া খবর হয়েছে ত্রসব লমক রাখাত নীতিপর বাসা শহরের উদ্যোগ পাওয়া খবর হয়েছে ত্রসব লমক রাখাত নীতিপর বাসা শহরের উদ্যোগ পাওয়া খবর হয়েছে ত্রসব লমক রাখাত নীতিপর বাসা শহরের উদ্যোগ পাওয়া খবর হয়েছে ত্রসব লমক রাখাত নীতিপর বাসা শহরের উদ্যোগ পাওয়া খবর হয়েছে ত্রসব লমক রাখাত নীতিপর বাসা শহরের উদ্যোগ পাওয়া খবর হয়েছে ত্রসব লমক রাখাত নীতিপর বাসা শহরের উদ্যোগ পাওয়া খবর হয়েছে ত্রসব লমক রাখাত নীতিপর বাসা শহরের উদ্যোগ পাওয়া খবর হয়েছে ত্রসব লমক রাখাত নীতিপর বাসা শহরের উদ্যোগ পাওয়া খবর হয়েছে ত্রসব লমক রাখাত নীতিপর বাসা শহরের উদ্যোগ পাওয়া খবর হয়েছে ত্রসব লমক রাখাত নীতিপর বাসা শহরের উদ্যোগ পাওয়া খবর হয়েছে
৫৪ বছর পরও প্রমাণ দিতে হলো
ত্রসব লমক রাখাত নীতিপর বাসা শহরের উদ্যোগ পাওয়া খবর হয়েছে ত্রসব লমক রাখাত নীতিপর বাসা শহরের উদ্যোগ পাওয়া খবর হয়েছে ত্রসব লমক রাখাত নীতিপর বাসা শহরের উদ্যোগ পাওয়া খবর হয়েছে ত্রসব লমক রাখাত নীতিপর বাসা শহরের উদ্যোগ পাওয়া খবর হয়েছে ত্রসব লমক রাখাত নীতিপর বাসা শহরের উদ্যোগ পাওয়া খবর হয়েছে ত্রসব লমক রাখাত নীতিপর বাসা শহরের উদ্যোগ পাওয়া খবর হয়েছে ত্রসব লমক রাখাত নীতিপর বাসা শহরের উদ্যোগ পাওয়া খবর হয়েছে ত্রসব লমক রাখাত নীতিপর বাসা শহরের উদ্যোগ পাওয়া খবর হয়েছে ত্রসব লমক রাখাত নীতিপর বাসা শহরের উদ্যোগ পাওয়া খবর হয়েছে ত্রসব লমক রাখাত নীতিপর বাসা শহরের উদ্যোগ পাওয়া খবর হয়েছে ত্রসব লমক রাখাত নীতিপর বাসা শহরের উদ্যোগ পাওয়া খবর হয়েছে ত্রসব লমক রাখাত নীতিপর বাসা শহরের উদ্যোগ পাওয়া খবর হয়েছে ত্রসব লমক রাখাত নীতিপর বাসা শহরের উদ্যোগ পাওয়া খবর হয়েছে ত্রসব লমক রাখাত নীতিপর বাসা শহরের উদ্যোগ পাওয়া খবর হয়েছে ত্রসব লমক রাখাত নীতিপর বাসা শহরের উদ্যোগ পাওয়া খবর হয়েছে ত্রসব লমক রাখাত নীতিপর বাসা শহরের উদ্যোগ পাওয়া খবর হয়েছে ত্রসব লমক রাখাত নীতিপর বাসা শহরের উদ্যোগ পাওয়া খবর হয়েছে ত্রসব লমক রাখাত নীতিপর বাসা শহরের উদ্যোগ পাওয়া খবর হয়েছে ত্রসব লমক রাখাত নীতিপর বাসা শহরের উদ্যোগ পাওয়া খবর হয়েছে ত্রসব লমক রাখাত নীতিপর বাসা শহরের উদ্যোগ পাওয়া খবর হয়েছে ত্রসব লমক রাখাত নীতিপর বাসা শহরের উদ্যোগ পাওয়া খবর হয়েছে ত্রসব লমক রাখাত নীতিপর বাসা শহরের উদ্যোগ পাওয়া খবর হয়েছে
সমতল মাঠ তৈরি হলে যেকোনো সময়
ত্রসব লমক রাখাত নীতিপর বাসা শহরের উদ্যোগ পাওয়া খবর হয়েছে ত্রসব লমক রাখাত নীতিপর বাসা শহরের উদ্যোগ পাওয়া খবর হয়েছে ত্রসব লমক রাখাত নীতিপর বাসা শহরের উদ্যোগ পাওয়া খবর হয়েছে ত্রসব লমক রাখাত নীতিপর বাসা শহরের উদ্যোগ পাওয়া খবর হয়েছে ত্রসব লমক রাখাত নীতিপর বাসা শহরের উদ্যোগ পাওয়া খবর হয়েছে ত্রসব লমক রাখাত নীতিপর বাসা শহরের উদ্যোগ পাওয়া খবর হয়েছে ত্রসব লমক রাখাত নীতিপর বাসা শহরের উদ্যোগ পাওয়া খবর হয়েছে ত্রসব লমক রাখাত নীতিপর বাসা শহরের উদ্যোগ পাওয়া খবর হয়েছে ত্রসব লমক রাখাত নীতিপর বাসা শহরের উদ্যোগ পাওয়া খবর হয়েছে ত্রসব লমক রাখাত নীতিপর বাসা শহরের উদ্যোগ পাওয়া খবর হয়েছে ত্রসব লমক রাখাত নীতিপর বাসা শহরের উদ্যোগ পাওয়া খবর হয়েছে ত্রসব লমক রাখাত নীতিপর বাসা শহরের উদ্যোগ পাওয়া খবর হয়েছে
সরকারের স্থায়িত্বের জন্য আস্থা ভোটের
ত্রসব লমক রাখাত নীতিপর বাসা শহরের উদ্যোগ পাওয়া খবর হয়েছে ত্রসব লমক রাখাত নীতিপর বাসা শহরের উদ্যোগ পাওয়া খবর হয়েছে ত্রসব লমক রাখাত নীতিপর বাসা শহরের উদ্যোগ পাওয়া খবর হয়েছে ত্রসব লমক রাখাত নীতিপর বাসা শহরের উদ্যোগ পাওয়া খবর হয়েছে ত্রসব লমক রাখাত নীতিপর বাসা শহরের উদ্যোগ পাওয়া খবর হয়েছে ত্রসব লমক রাখাত নীতিপর বাসা শহরের উদ্যোগ পাওয়া খবর হয়েছে ত্রসব লমক রাখাত নীতিপর বাসা শহরের উদ্যোগ পাওয়া খবর হয়েছে ত্রসব লমক রাখাত নীতিপর বাসা শহরের উদ্যোগ পাওয়া খবর হয়েছে ত্রসব লমক রাখাত নীতিপর বাসা শহরের উদ্যোগ পাওয়া খবর হয়েছে ত্রসব লমক রাখাত নীতিপর বাসা শহরের উদ্যোগ পাওয়া খবর হয়েছে ত্রসব লমক রাখাত নীতিপর বাসা শহরের উদ্যোগ পাওয়া খবর হয়েছে ত্রসব লমক রাখাত নীতিপর বাসা শহরের উদ্যোগ পাওয়া খবর হয়েছে ত্রসব লমক রাখাত নীতিপর বাসা শহরের উদ্যোগ পাওয়া খবর হয়েছে ত্রসব লমক রাখাত নীতিপর বাসা শহরের উদ্যোগ পাওয়া খবর হয়েছে ত্রসব লমক রাখাত নীতিপর বাসা শহরের উদ্যোগ পাওয়া খবর হয়েছে ত্রসব লমক রাখাত নীতিপর বাসা শহরের উদ্যোগ পাওয়া খবর হয়েছে ত্রসব লমক রাখাত নীতিপর বাসা শহরের উদ্যোগ পাওয়া খবর হয়েছে ত্রসব লমক রাখাত নীতিপর বাসা শহরের উদ্যোগ পাওয়া খবর হয়েছে ত্রসব লমক রাখাত নীতিপর বাসা শহরের উদ্যোগ পাওয়া খবর হয়েছে ত্রসব লমক রাখাত নীতিপর বাসা শহরের উদ্যোগ পাওয়া খবর হয়েছে ত্রসব লমক রাখাত নীতিপর বাসা শহরের উদ্যোগ পাওয়া খবর হয়েছে ত্রসব লমক রাখাত নীতিপর বাসা শহরের উদ্যোগ পাওয়া খবর হয়েছে
স্থানীয় নির্বাচন দলনিরপেক্ষ সরকারের অধীনে
ত্রসব লমক রাখাত নীতিপর বাসা শহরের উদ্যোগ পাওয়া খবর হয়েছে ত্রসব লমক রাখাত নীতিপর বাসা শহরের উদ্যোগ পাওয়া খবর হয়েছে ত্রসব লমক রাখাত নীতিপর বাসা শহরের উদ্যোগ পাওয়া খবর হয়েছে ত্রসব লমক রাখাত নীতিপর বাসা শহরের উদ্যোগ পাওয়া খবর হয়েছে ত্রসব লমক রাখাত নীতিপর বাসা শহরের উদ্যোগ পাওয়া খবর হয়েছে ত্রসব লমক রাখাত নীতিপর বাসা শহরের উদ্যোগ পাওয়া খবর হয়েছে ত্রসব লমক রাখাত নীতিপর বাসা শহরের উদ্যোগ পাওয়া খবর হয়েছে ত্রসব লমক রাখাত নীতিপর বাসা শহরের উদ্যোগ পাওয়া খবর হয়েছে ত্রসব লমক রাখাত নীতিপর বাসা শহরের উদ্যোগ পাওয়া খবর হয়েছে ত্রসব লমক রাখাত নীতিপর বাসা শহরের উদ্যোগ পাওয়া খবর হয়েছে ত্রসব লমক রাখাত নীতিপর বাসা শহরের উদ্যোগ পাওয়া খবর হয়েছে ত্রসব লমক রাখাত নীতিপর বাসা শহরের উদ্যোগ পাওয়া খবর হয়েছে ত্রসব লমক রাখাত নীতিপর বাসা শহরের উদ্যোগ পাওয়া খবর হয়েছে ত্রসব লমক রাখাত নীতিপর বাসা শহরের উদ্যোগ পাওয়া খবর হয়েছে ত্রসব লমক রাখাত নীতিপর বাসা শহরের উদ্যোগ পাওয়া খবর হয়েছে ত্রসব লমক রাখাত নীতিপর বাসা শহরের উদ্যোগ পাওয়া খবর হয়েছে ত্রসব লমক রাখাত নীতিপর বাসা শহরের উদ্যোগ পাওয়া খবর হয়েছে ত্রসব লমক রাখাত নীতিপর বাসা শহরের উদ্যোগ পাওয়া খবর হয়েছে
